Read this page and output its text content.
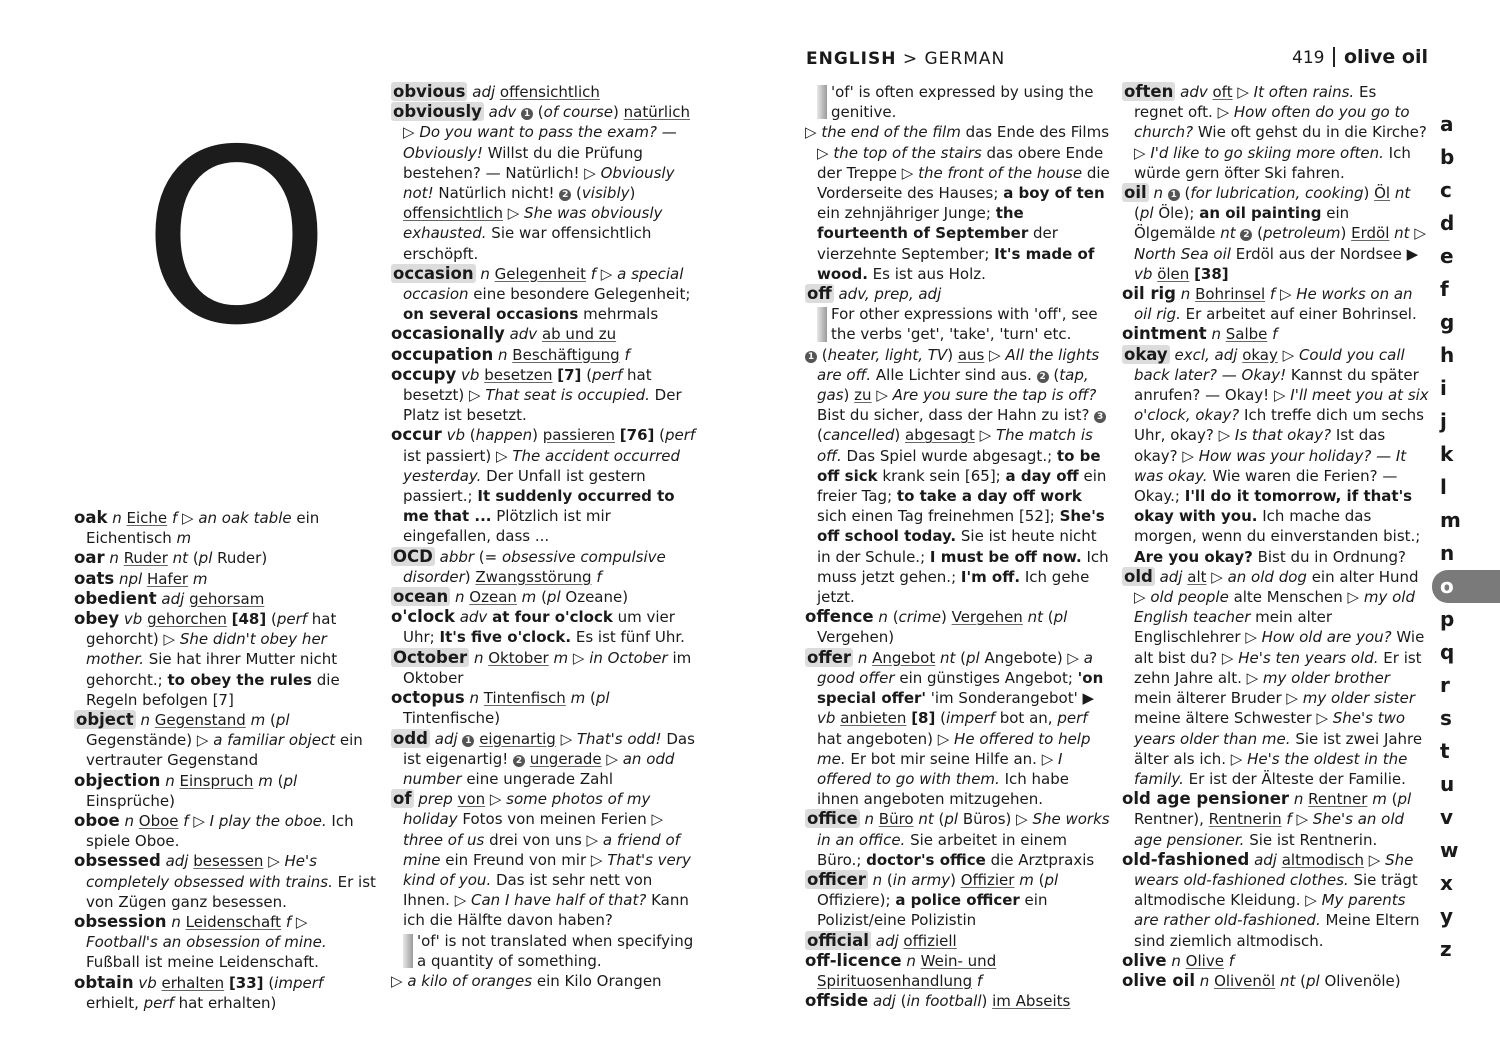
O
ENGLISH > GERMAN	419 olive oil

oak n Eiche f ▷ an oak table ein Eichentisch m

oar n Ruder nt (pl Ruder)

oats npl Hafer m

obedient adj gehorsam

obey vb gehorchen [48] (perf hat gehorcht) ▷ She didn't obey her mother. Sie hat ihrer Mutter nicht gehorcht.; to obey the rules die Regeln befolgen [7]

object n Gegenstand m (pl Gegenstände) ▷ a familiar object ein vertrauter Gegenstand

objection n Einspruch m (pl Einsprüche)

oboe n Oboe f ▷ I play the oboe. Ich spiele Oboe.

obsessed adj besessen ▷ He's completely obsessed with trains. Er ist von Zügen ganz besessen.

obsession n Leidenschaft f ▷ Football's an obsession of mine. Fußball ist meine Leidenschaft.

obtain vb erhalten [33] (imperf erhielt, perf hat erhalten)

obvious adj offensichtlich

obviously adv 1 (of course) natürlich ▷ Do you want to pass the exam? — Obviously! Willst du die Prüfung bestehen? — Natürlich! ▷ Obviously not! Natürlich nicht! 2 (visibly) offensichtlich ▷ She was obviously exhausted. Sie war offensichtlich erschöpft.

occasion n Gelegenheit f ▷ a special occasion eine besondere Gelegenheit; on several occasions mehrmals

occasionally adv ab und zu

occupation n Beschäftigung f

occupy vb besetzen [7] (perf hat besetzt) ▷ That seat is occupied. Der Platz ist besetzt.

occur vb (happen) passieren [76] (perf ist passiert) ▷ The accident occurred yesterday. Der Unfall ist gestern passiert.; It suddenly occurred to me that ... Plötzlich ist mir eingefallen, dass ...

OCD abbr (= obsessive compulsive disorder) Zwangsstörung f

ocean n Ozean m (pl Ozeane)

o'clock adv at four o'clock um vier Uhr; It's five o'clock. Es ist fünf Uhr.

October n Oktober m ▷ in October im Oktober

octopus n Tintenfisch m (pl Tintenfische)

odd adj 1 eigenartig ▷ That's odd! Das ist eigenartig! 2 ungerade ▷ an odd number eine ungerade Zahl

of prep von ▷ some photos of my holiday Fotos von meinen Ferien ▷ three of us drei von uns ▷ a friend of mine ein Freund von mir ▷ That's very kind of you. Das ist sehr nett von Ihnen. ▷ Can I have half of that? Kann ich die Hälfte davon haben?

'of' is not translated when specifying a quantity of something.

▷ a kilo of oranges ein Kilo Orangen

'of' is often expressed by using the genitive.

▷ the end of the film das Ende des Films ▷ the top of the stairs das obere Ende der Treppe ▷ the front of the house die Vorderseite des Hauses; a boy of ten ein zehnjähriger Junge; the fourteenth of September der vierzehnte September; It's made of wood. Es ist aus Holz.

off adv, prep, adj

For other expressions with 'off', see the verbs 'get', 'take', 'turn' etc.

1 (heater, light, TV) aus ▷ All the lights are off. Alle Lichter sind aus. 2 (tap, gas) zu ▷ Are you sure the tap is off? Bist du sicher, dass der Hahn zu ist? 3 (cancelled) abgesagt ▷ The match is off. Das Spiel wurde abgesagt.; to be off sick krank sein [65]; a day off ein freier Tag; to take a day off work sich einen Tag freinehmen [52]; She's off school today. Sie ist heute nicht in der Schule.; I must be off now. Ich muss jetzt gehen.; I'm off. Ich gehe jetzt.

offence n (crime) Vergehen nt (pl Vergehen)

offer n Angebot nt (pl Angebote) ▷ a good offer ein günstiges Angebot; 'on special offer' 'im Sonderangebot' ▶ vb anbieten [8] (imperf bot an, perf hat angeboten) ▷ He offered to help me. Er bot mir seine Hilfe an. ▷ I offered to go with them. Ich habe ihnen angeboten mitzugehen.

office n Büro nt (pl Büros) ▷ She works in an office. Sie arbeitet in einem Büro.; doctor's office die Arztpraxis

officer n (in army) Offizier m (pl Offiziere); a police officer ein Polizist/eine Polizistin

official adj offiziell

off-licence n Wein- und Spirituosenhandlung f

offside adj (in football) im Abseits

often adv oft ▷ It often rains. Es regnet oft. ▷ How often do you go to church? Wie oft gehst du in die Kirche? ▷ I'd like to go skiing more often. Ich würde gern öfter Ski fahren.

oil n 1 (for lubrication, cooking) Öl nt (pl Öle); an oil painting ein Ölgemälde nt 2 (petroleum) Erdöl nt ▷ North Sea oil Erdöl aus der Nordsee ▶ vb ölen [38]

oil rig n Bohrinsel f ▷ He works on an oil rig. Er arbeitet auf einer Bohrinsel.

ointment n Salbe f

okay excl, adj okay ▷ Could you call back later? — Okay! Kannst du später anrufen? — Okay! ▷ I'll meet you at six o'clock, okay? Ich treffe dich um sechs Uhr, okay? ▷ Is that okay? Ist das okay? ▷ How was your holiday? — It was okay. Wie waren die Ferien? — Okay.; I'll do it tomorrow, if that's okay with you. Ich mache das morgen, wenn du einverstanden bist.; Are you okay? Bist du in Ordnung?

old adj alt ▷ an old dog ein alter Hund ▷ old people alte Menschen ▷ my old English teacher mein alter Englischlehrer ▷ How old are you? Wie alt bist du? ▷ He's ten years old. Er ist zehn Jahre alt. ▷ my older brother mein älterer Bruder ▷ my older sister meine ältere Schwester ▷ She's two years older than me. Sie ist zwei Jahre älter als ich. ▷ He's the oldest in the family. Er ist der Älteste der Familie.

old age pensioner n Rentner m (pl Rentner), Rentnerin f ▷ She's an old age pensioner. Sie ist Rentnerin.

old-fashioned adj altmodisch ▷ She wears old-fashioned clothes. Sie trägt altmodische Kleidung. ▷ My parents are rather old-fashioned. Meine Eltern sind ziemlich altmodisch.

olive n Olive f

olive oil n Olivenöl nt (pl Olivenöle)

a
b
c
d
e
f
g
h
i
j
k
l
m
n
o
p
q
r
s
t
u
v
w
x
y
z
